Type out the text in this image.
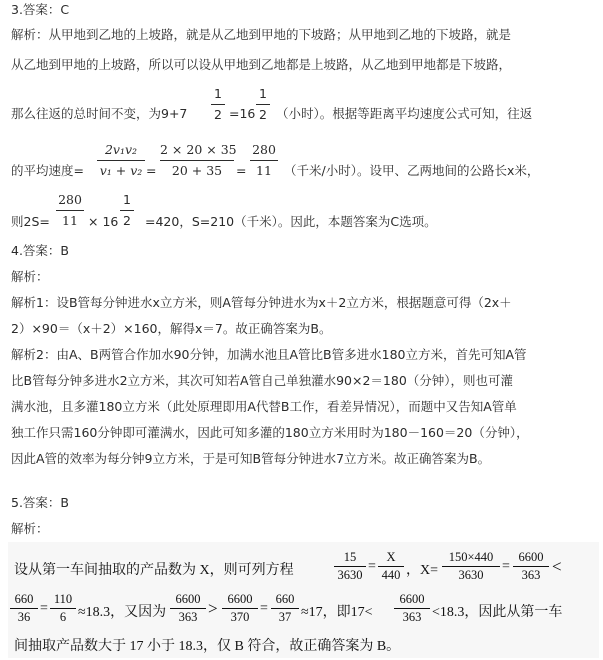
3.答案：C
解析：从甲地到乙地的上坡路，就是从乙地到甲地的下坡路；从甲地到乙地的下坡路，就是
从乙地到甲地的上坡路，所以可以设从甲地到乙地都是上坡路，从乙地到甲地都是下坡路，
那么往返的总时间不变，为9+7
1
2 =16
1
2 （小时）。根据等距离平均速度公式可知，往返
的平均速度=
2v₁v₂
v₁ + v₂ =
2 × 20 × 35
20 + 35	=
280
11 （千米/小时）。设甲、乙两地间的公路长x米，
则2S=
280
11 × 16
1
2 =420，S=210（千米）。因此，本题答案为C选项。
4.答案：B
解析：
解析1：设B管每分钟进水x立方米，则A管每分钟进水为x＋2立方米，根据题意可得（2x＋
2）×90＝（x＋2）×160，解得x＝7。故正确答案为B。
解析2：由A、B两管合作加水90分钟，加满水池且A管比B管多进水180立方米，首先可知A管
比B管每分钟多进水2立方米，其次可知若A管自己单独灌水90×2＝180（分钟），则也可灌
满水池，且多灌180立方米（此处原理即用A代替B工作，看差异情况），而题中又告知A管单
独工作只需160分钟即可灌满水，因此可知多灌的180立方米用时为180－160＝20（分钟），
因此A管的效率为每分钟9立方米，于是可知B管每分钟进水7立方米。故正确答案为B。
5.答案：B
解析：
设从第一车间抽取的产品数为 X，则可列方程
15
3630
=
X
440 ，X=
150×440
3630
=
6600
363 <
660
36
=
110
6 ≈18.3，又因为
6600
363 > 6600
370
=
660
37 ≈17，即17<
6600
363 <18.3，因此从第一车
间抽取产品数大于 17 小于 18.3，仅 B 符合，故正确答案为 B。
